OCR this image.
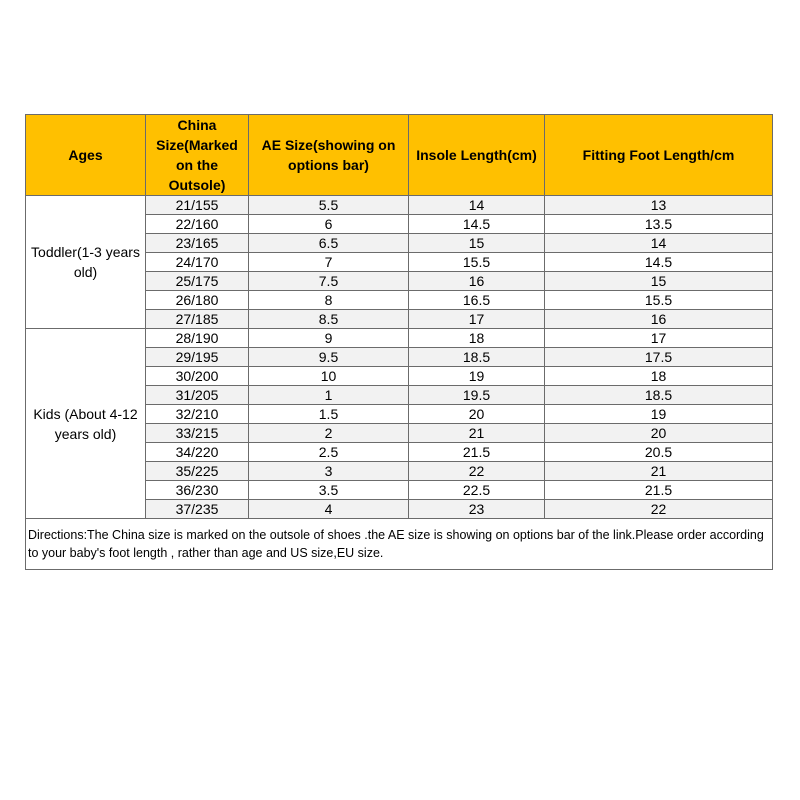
Ages	China Size(Marked on the Outsole)	AE Size(showing on options bar)	Insole Length(cm)	Fitting Foot Length/cm
Toddler(1-3 years old)	21/155	5.5	14	13
	22/160	6	14.5	13.5
	23/165	6.5	15	14
	24/170	7	15.5	14.5
	25/175	7.5	16	15
	26/180	8	16.5	15.5
	27/185	8.5	17	16
Kids (About 4-12 years old)	28/190	9	18	17
	29/195	9.5	18.5	17.5
	30/200	10	19	18
	31/205	1	19.5	18.5
	32/210	1.5	20	19
	33/215	2	21	20
	34/220	2.5	21.5	20.5
	35/225	3	22	21
	36/230	3.5	22.5	21.5
	37/235	4	23	22
Directions:The China size is marked on the outsole of shoes .the AE size is showing on options bar of the link.Please order according to your baby's foot length , rather than age and US size,EU size.				
